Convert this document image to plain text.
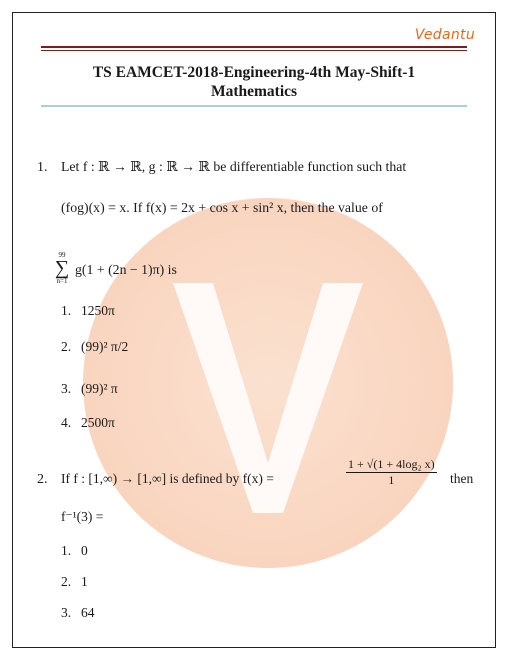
Vedantu
TS EAMCET-2018-Engineering-4th May-Shift-1
Mathematics
1. Let f : ℝ → ℝ, g : ℝ → ℝ be differentiable function such that
(fog)(x) = x. If f(x) = 2x + cos x + sin² x, then the value of
99
∑
n=1
g(1 + (2n − 1)π) is
1. 1250π
2. (99)² π/2
3. (99)² π
4. 2500π
2. If f : [1,∞) → [1,∞] is defined by f(x) =	$\frac{\text{1 + √(1 + 4log₂ x)}}{1}$ then
f⁻¹(3) =
1. 0
2. 1
3. 64
